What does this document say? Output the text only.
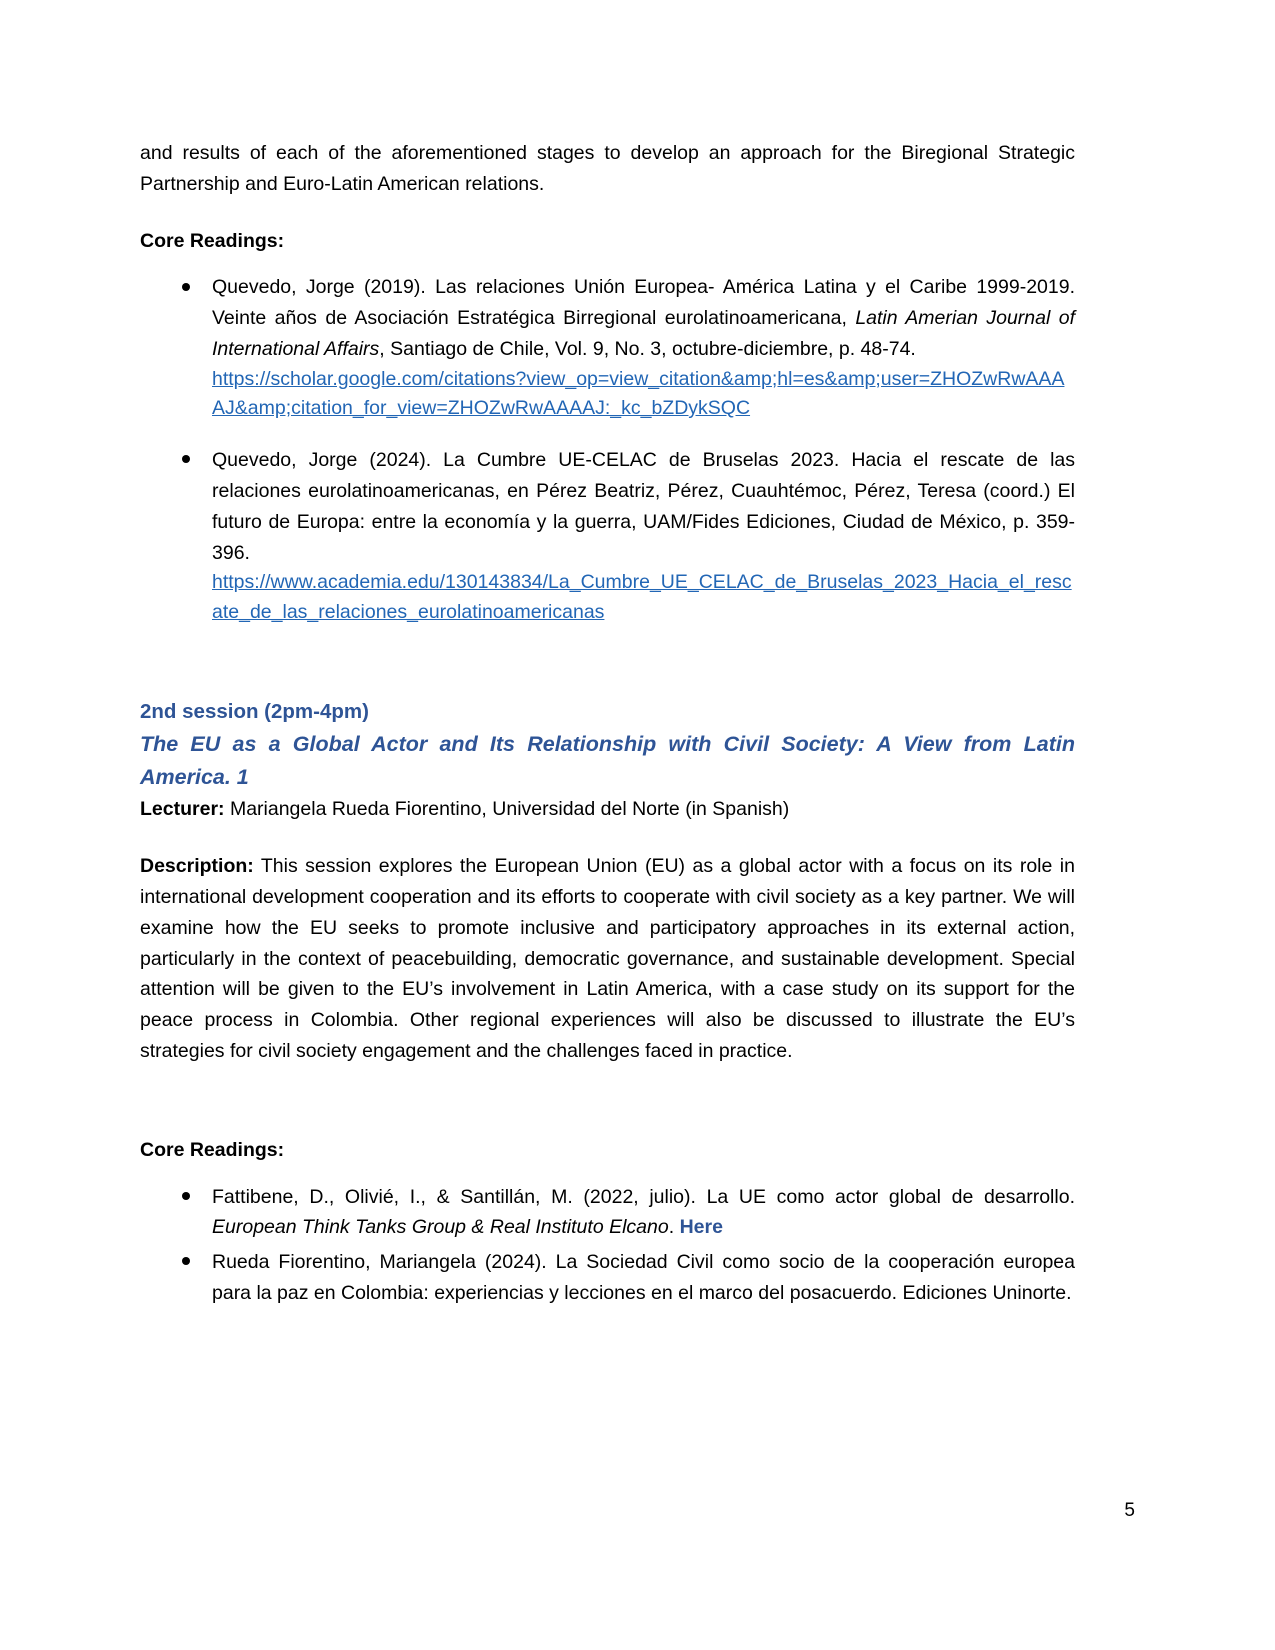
and results of each of the aforementioned stages to develop an approach for the Biregional Strategic Partnership and Euro-Latin American relations.

Core Readings:

Quevedo, Jorge (2019). Las relaciones Unión Europea- América Latina y el Caribe 1999-2019. Veinte años de Asociación Estratégica Birregional eurolatinoamericana, Latin Amerian Journal of International Affairs, Santiago de Chile, Vol. 9, No. 3, octubre-diciembre, p. 48-74.
https://scholar.google.com/citations?view_op=view_citation&amp;hl=es&amp;user=ZHOZwRwAAAAJ&amp;citation_for_view=ZHOZwRwAAAAJ:_kc_bZDykSQC
Quevedo, Jorge (2024). La Cumbre UE-CELAC de Bruselas 2023. Hacia el rescate de las relaciones eurolatinoamericanas, en Pérez Beatriz, Pérez, Cuauhtémoc, Pérez, Teresa (coord.) El futuro de Europa: entre la economía y la guerra, UAM/Fides Ediciones, Ciudad de México, p. 359-396.
https://www.academia.edu/130143834/La_Cumbre_UE_CELAC_de_Bruselas_2023_Hacia_el_rescate_de_las_relaciones_eurolatinoamericanas

2nd session (2pm-4pm)

The EU as a Global Actor and Its Relationship with Civil Society: A View from Latin America. 1

Lecturer: Mariangela Rueda Fiorentino, Universidad del Norte (in Spanish)

Description: This session explores the European Union (EU) as a global actor with a focus on its role in international development cooperation and its efforts to cooperate with civil society as a key partner. We will examine how the EU seeks to promote inclusive and participatory approaches in its external action, particularly in the context of peacebuilding, democratic governance, and sustainable development. Special attention will be given to the EU’s involvement in Latin America, with a case study on its support for the peace process in Colombia. Other regional experiences will also be discussed to illustrate the EU’s strategies for civil society engagement and the challenges faced in practice.

Core Readings:

Fattibene, D., Olivié, I., & Santillán, M. (2022, julio). La UE como actor global de desarrollo. European Think Tanks Group & Real Instituto Elcano. Here
Rueda Fiorentino, Mariangela (2024). La Sociedad Civil como socio de la cooperación europea para la paz en Colombia: experiencias y lecciones en el marco del posacuerdo. Ediciones Uninorte.
5
